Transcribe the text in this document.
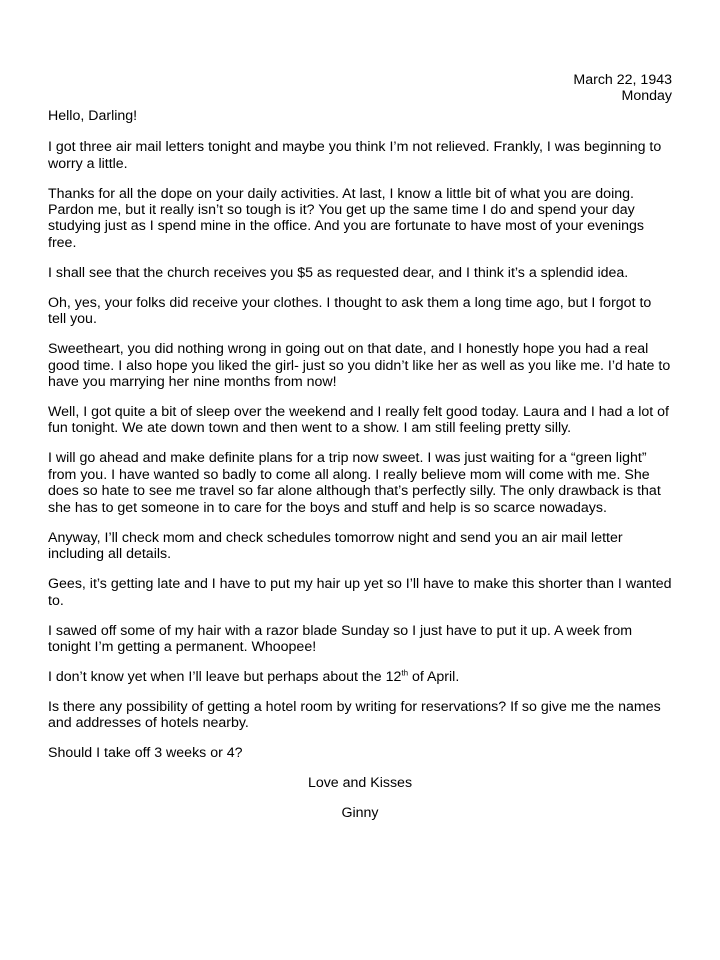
March 22, 1943

Monday

Hello, Darling!

I got three air mail letters tonight and maybe you think I’m not relieved. Frankly, I was beginning to worry a little.

Thanks for all the dope on your daily activities. At last, I know a little bit of what you are doing. Pardon me, but it really isn’t so tough is it? You get up the same time I do and spend your day studying just as I spend mine in the office. And you are fortunate to have most of your evenings free.

I shall see that the church receives you $5 as requested dear, and I think it’s a splendid idea.

Oh, yes, your folks did receive your clothes. I thought to ask them a long time ago, but I forgot to tell you.

Sweetheart, you did nothing wrong in going out on that date, and I honestly hope you had a real good time. I also hope you liked the girl- just so you didn’t like her as well as you like me. I’d hate to have you marrying her nine months from now!

Well, I got quite a bit of sleep over the weekend and I really felt good today. Laura and I had a lot of fun tonight. We ate down town and then went to a show. I am still feeling pretty silly.

I will go ahead and make definite plans for a trip now sweet. I was just waiting for a “green light” from you. I have wanted so badly to come all along. I really believe mom will come with me. She does so hate to see me travel so far alone although that’s perfectly silly. The only drawback is that she has to get someone in to care for the boys and stuff and help is so scarce nowadays.

Anyway, I’ll check mom and check schedules tomorrow night and send you an air mail letter including all details.

Gees, it’s getting late and I have to put my hair up yet so I’ll have to make this shorter than I wanted to.

I sawed off some of my hair with a razor blade Sunday so I just have to put it up. A week from tonight I’m getting a permanent. Whoopee!

I don’t know yet when I’ll leave but perhaps about the 12th of April.

Is there any possibility of getting a hotel room by writing for reservations? If so give me the names and addresses of hotels nearby.

Should I take off 3 weeks or 4?

Love and Kisses

Ginny
